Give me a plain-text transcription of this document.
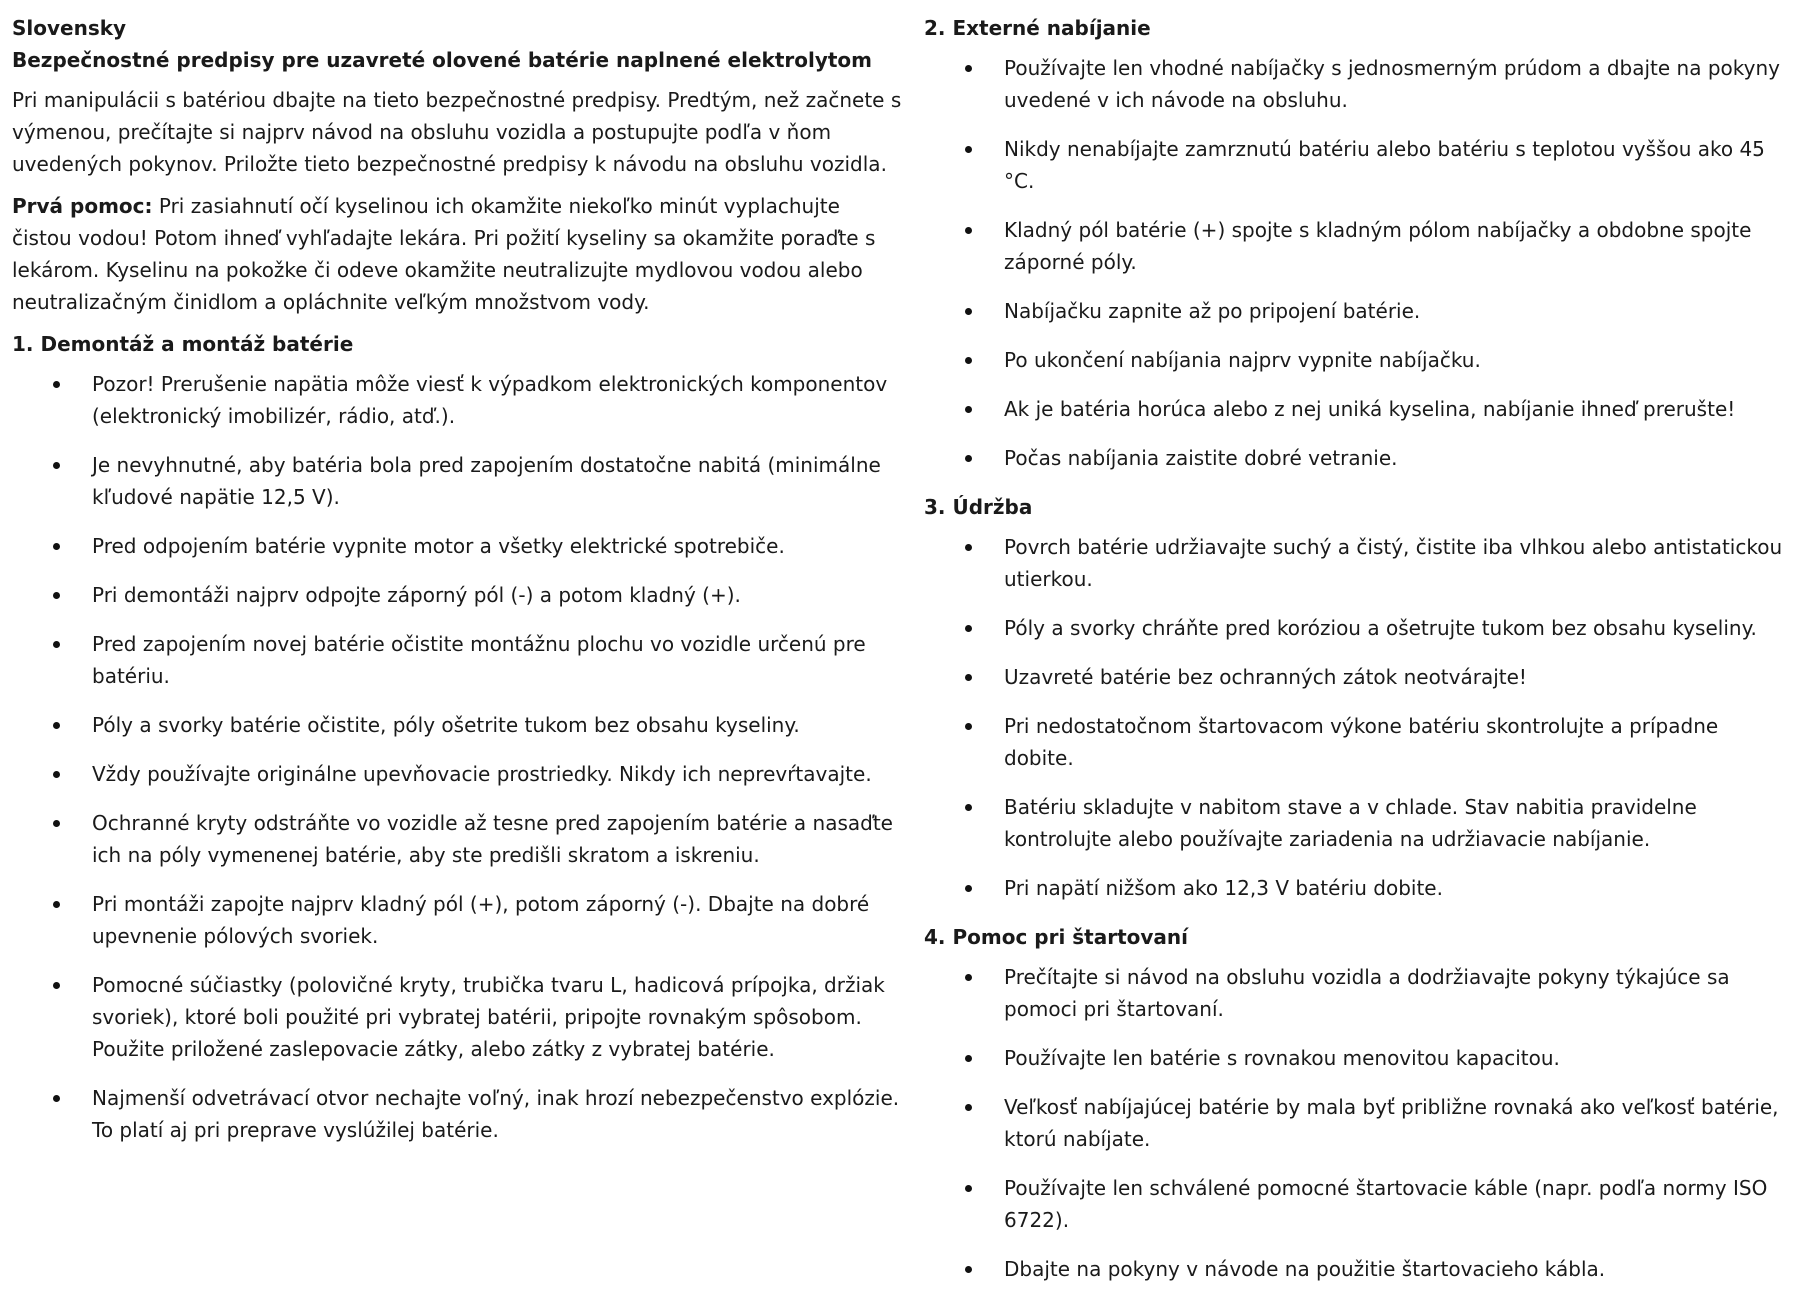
Slovensky

Bezpečnostné predpisy pre uzavreté olovené batérie naplnené elektrolytom

Pri manipulácii s batériou dbajte na tieto bezpečnostné predpisy. Predtým, než začnete s výmenou, prečítajte si najprv návod na obsluhu vozidla a postupujte podľa v ňom uvedených pokynov. Priložte tieto bezpečnostné predpisy k návodu na obsluhu vozidla.

Prvá pomoc: Pri zasiahnutí očí kyselinou ich okamžite niekoľko minút vyplachujte čistou vodou! Potom ihneď vyhľadajte lekára. Pri požití kyseliny sa okamžite poraďte s lekárom. Kyselinu na pokožke či odeve okamžite neutralizujte mydlovou vodou alebo neutralizačným činidlom a opláchnite veľkým množstvom vody.

1. Demontáž a montáž batérie

Pozor! Prerušenie napätia môže viesť k výpadkom elektronických komponentov (elektronický imobilizér, rádio, atď.).
Je nevyhnutné, aby batéria bola pred zapojením dostatočne nabitá (minimálne kľudové napätie 12,5 V).
Pred odpojením batérie vypnite motor a všetky elektrické spotrebiče.
Pri demontáži najprv odpojte záporný pól (-) a potom kladný (+).
Pred zapojením novej batérie očistite montážnu plochu vo vozidle určenú pre batériu.
Póly a svorky batérie očistite, póly ošetrite tukom bez obsahu kyseliny.
Vždy používajte originálne upevňovacie prostriedky. Nikdy ich neprevŕtavajte.
Ochranné kryty odstráňte vo vozidle až tesne pred zapojením batérie a nasaďte ich na póly vymenenej batérie, aby ste predišli skratom a iskreniu.
Pri montáži zapojte najprv kladný pól (+), potom záporný (-). Dbajte na dobré upevnenie pólových svoriek.
Pomocné súčiastky (polovičné kryty, trubička tvaru L, hadicová prípojka, držiak svoriek), ktoré boli použité pri vybratej batérii, pripojte rovnakým spôsobom. Použite priložené zaslepovacie zátky, alebo zátky z vybratej batérie.
Najmenší odvetrávací otvor nechajte voľný, inak hrozí nebezpečenstvo explózie. To platí aj pri preprave vyslúžilej batérie.

2. Externé nabíjanie

Používajte len vhodné nabíjačky s jednosmerným prúdom a dbajte na pokyny uvedené v ich návode na obsluhu.
Nikdy nenabíjajte zamrznutú batériu alebo batériu s teplotou vyššou ako 45 °C.
Kladný pól batérie (+) spojte s kladným pólom nabíjačky a obdobne spojte záporné póly.
Nabíjačku zapnite až po pripojení batérie.
Po ukončení nabíjania najprv vypnite nabíjačku.
Ak je batéria horúca alebo z nej uniká kyselina, nabíjanie ihneď prerušte!
Počas nabíjania zaistite dobré vetranie.

3. Údržba

Povrch batérie udržiavajte suchý a čistý, čistite iba vlhkou alebo antistatickou utierkou.
Póly a svorky chráňte pred koróziou a ošetrujte tukom bez obsahu kyseliny.
Uzavreté batérie bez ochranných zátok neotvárajte!
Pri nedostatočnom štartovacom výkone batériu skontrolujte a prípadne dobite.
Batériu skladujte v nabitom stave a v chlade. Stav nabitia pravidelne kontrolujte alebo používajte zariadenia na udržiavacie nabíjanie.
Pri napätí nižšom ako 12,3 V batériu dobite.

4. Pomoc pri štartovaní

Prečítajte si návod na obsluhu vozidla a dodržiavajte pokyny týkajúce sa pomoci pri štartovaní.
Používajte len batérie s rovnakou menovitou kapacitou.
Veľkosť nabíjajúcej batérie by mala byť približne rovnaká ako veľkosť batérie, ktorú nabíjate.
Používajte len schválené pomocné štartovacie káble (napr. podľa normy ISO 6722).
Dbajte na pokyny v návode na použitie štartovacieho kábla.
